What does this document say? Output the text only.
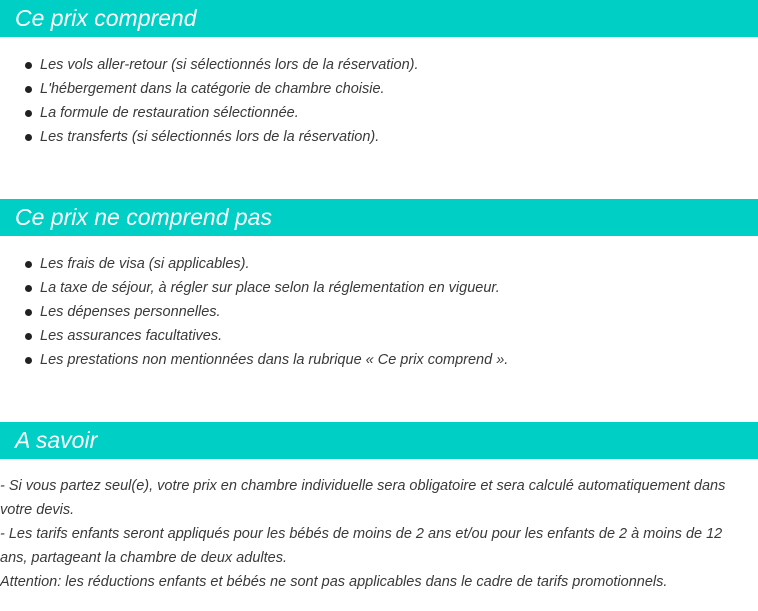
Ce prix comprend
Les vols aller-retour (si sélectionnés lors de la réservation).
L'hébergement dans la catégorie de chambre choisie.
La formule de restauration sélectionnée.
Les transferts (si sélectionnés lors de la réservation).
Ce prix ne comprend pas
Les frais de visa (si applicables).
La taxe de séjour, à régler sur place selon la réglementation en vigueur.
Les dépenses personnelles.
Les assurances facultatives.
Les prestations non mentionnées dans la rubrique « Ce prix comprend ».
A savoir
- Si vous partez seul(e), votre prix en chambre individuelle sera obligatoire et sera calculé automatiquement dans votre devis.
- Les tarifs enfants seront appliqués pour les bébés de moins de 2 ans et/ou pour les enfants de 2 à moins de 12 ans, partageant la chambre de deux adultes.
Attention: les réductions enfants et bébés ne sont pas applicables dans le cadre de tarifs promotionnels.
